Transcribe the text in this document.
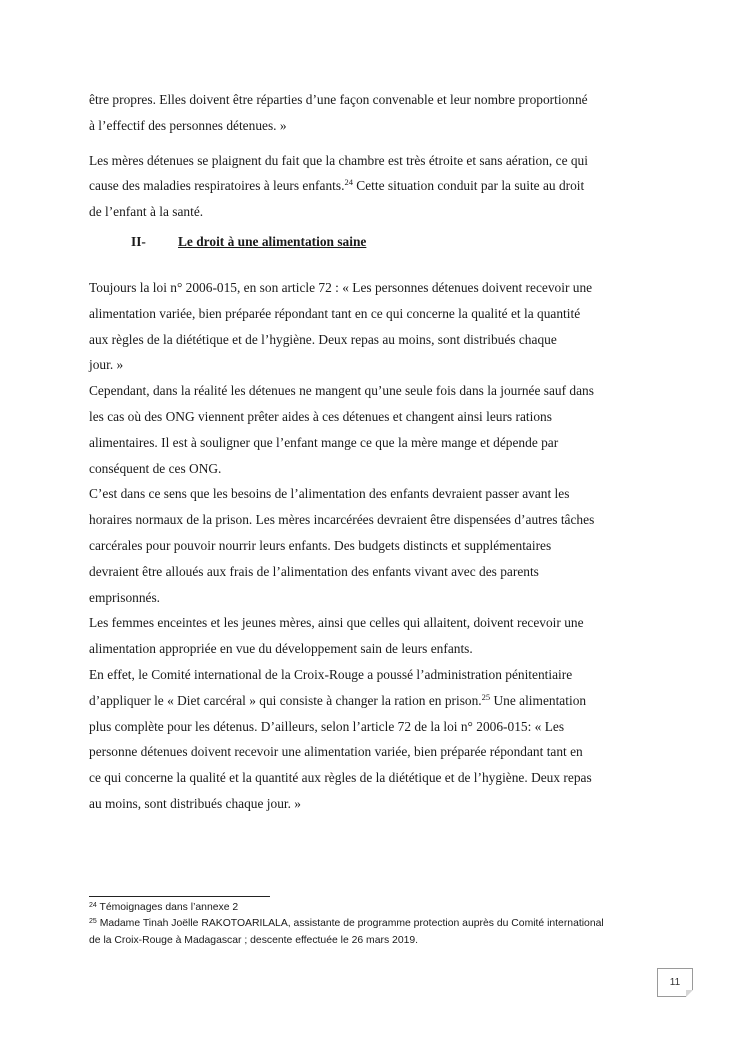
être propres. Elles doivent être réparties d’une façon convenable et leur nombre proportionné
à l’effectif des personnes détenues. »

Les mères détenues se plaignent du fait que la chambre est très étroite et sans aération, ce qui
cause des maladies respiratoires à leurs enfants.$^{24}$ Cette situation conduit par la suite au droit
de l’enfant à la santé.

II- Le droit à une alimentation saine

Toujours la loi n° 2006-015, en son article 72 : « Les personnes détenues doivent recevoir une
alimentation variée, bien préparée répondant tant en ce qui concerne la qualité et la quantité
aux règles de la diététique et de l’hygiène. Deux repas au moins, sont distribués chaque
jour. »
Cependant, dans la réalité les détenues ne mangent qu’une seule fois dans la journée sauf dans
les cas où des ONG viennent prêter aides à ces détenues et changent ainsi leurs rations
alimentaires. Il est à souligner que l’enfant mange ce que la mère mange et dépende par
conséquent de ces ONG.
C’est dans ce sens que les besoins de l’alimentation des enfants devraient passer avant les
horaires normaux de la prison. Les mères incarcérées devraient être dispensées d’autres tâches
carcérales pour pouvoir nourrir leurs enfants. Des budgets distincts et supplémentaires
devraient être alloués aux frais de l’alimentation des enfants vivant avec des parents
emprisonnés.
Les femmes enceintes et les jeunes mères, ainsi que celles qui allaitent, doivent recevoir une
alimentation appropriée en vue du développement sain de leurs enfants.
En effet, le Comité international de la Croix-Rouge a poussé l’administration pénitentiaire
d’appliquer le « Diet carcéral » qui consiste à changer la ration en prison.$^{25}$ Une alimentation
plus complète pour les détenus. D’ailleurs, selon l’article 72 de la loi n° 2006-015: « Les
personne détenues doivent recevoir une alimentation variée, bien préparée répondant tant en
ce qui concerne la qualité et la quantité aux règles de la diététique et de l’hygiène. Deux repas
au moins, sont distribués chaque jour. »

$^{24}$ Témoignages dans l’annexe 2

$^{25}$ Madame Tinah Joëlle RAKOTOARILALA, assistante de programme protection auprès du Comité international
de la Croix-Rouge à Madagascar ; descente effectuée le 26 mars 2019.

11
